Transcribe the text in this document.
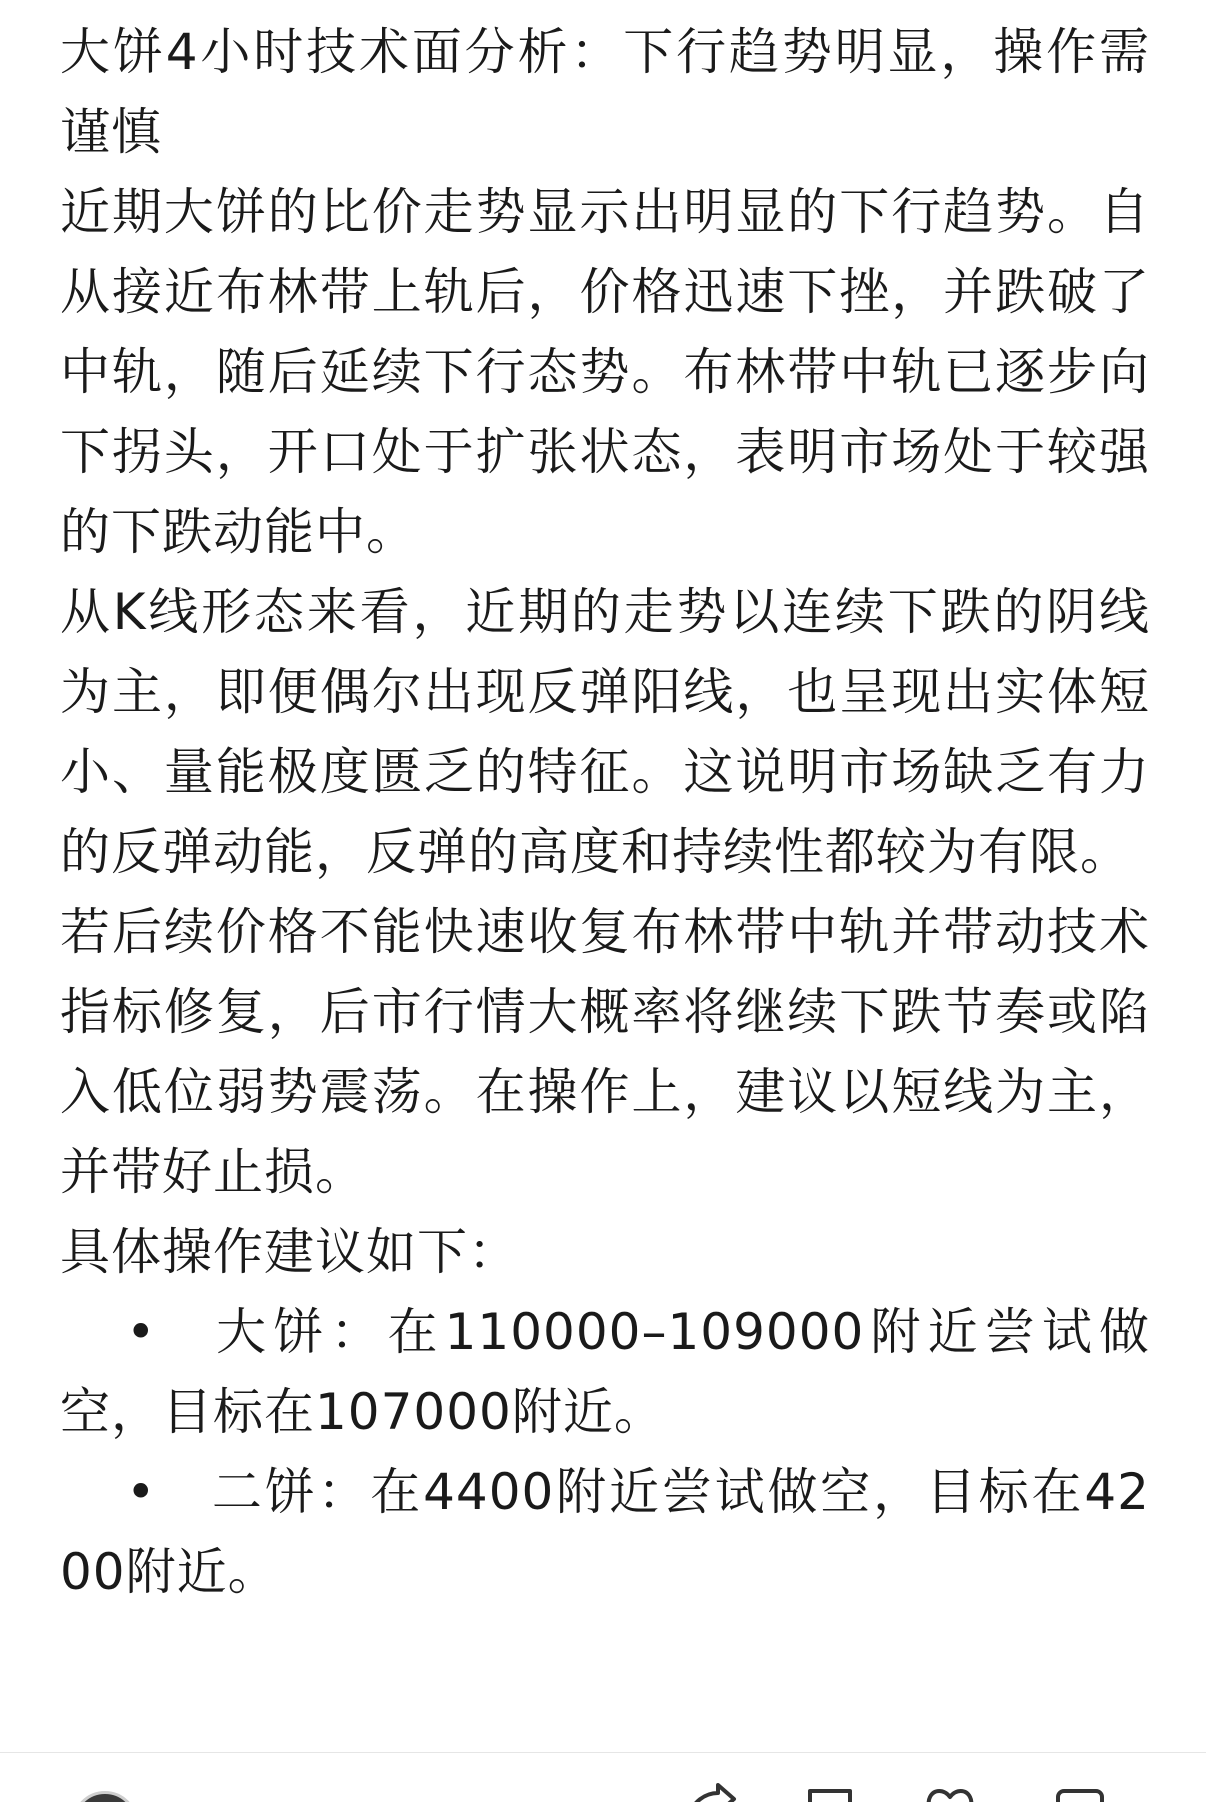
大饼4小时技术面分析：下行趋势明显，操作需谨慎

近期大饼的比价走势显示出明显的下行趋势。自从接近布林带上轨后，价格迅速下挫，并跌破了中轨，随后延续下行态势。布林带中轨已逐步向下拐头，开口处于扩张状态，表明市场处于较强的下跌动能中。

从K线形态来看，近期的走势以连续下跌的阴线为主，即便偶尔出现反弹阳线，也呈现出实体短小、量能极度匮乏的特征。这说明市场缺乏有力的反弹动能，反弹的高度和持续性都较为有限。

若后续价格不能快速收复布林带中轨并带动技术指标修复，后市行情大概率将继续下跌节奏或陷入低位弱势震荡。在操作上，建议以短线为主，并带好止损。

具体操作建议如下：

• 大饼：在110000–109000附近尝试做空，目标在107000附近。

• 二饼：在4400附近尝试做空，目标在4200附近。
